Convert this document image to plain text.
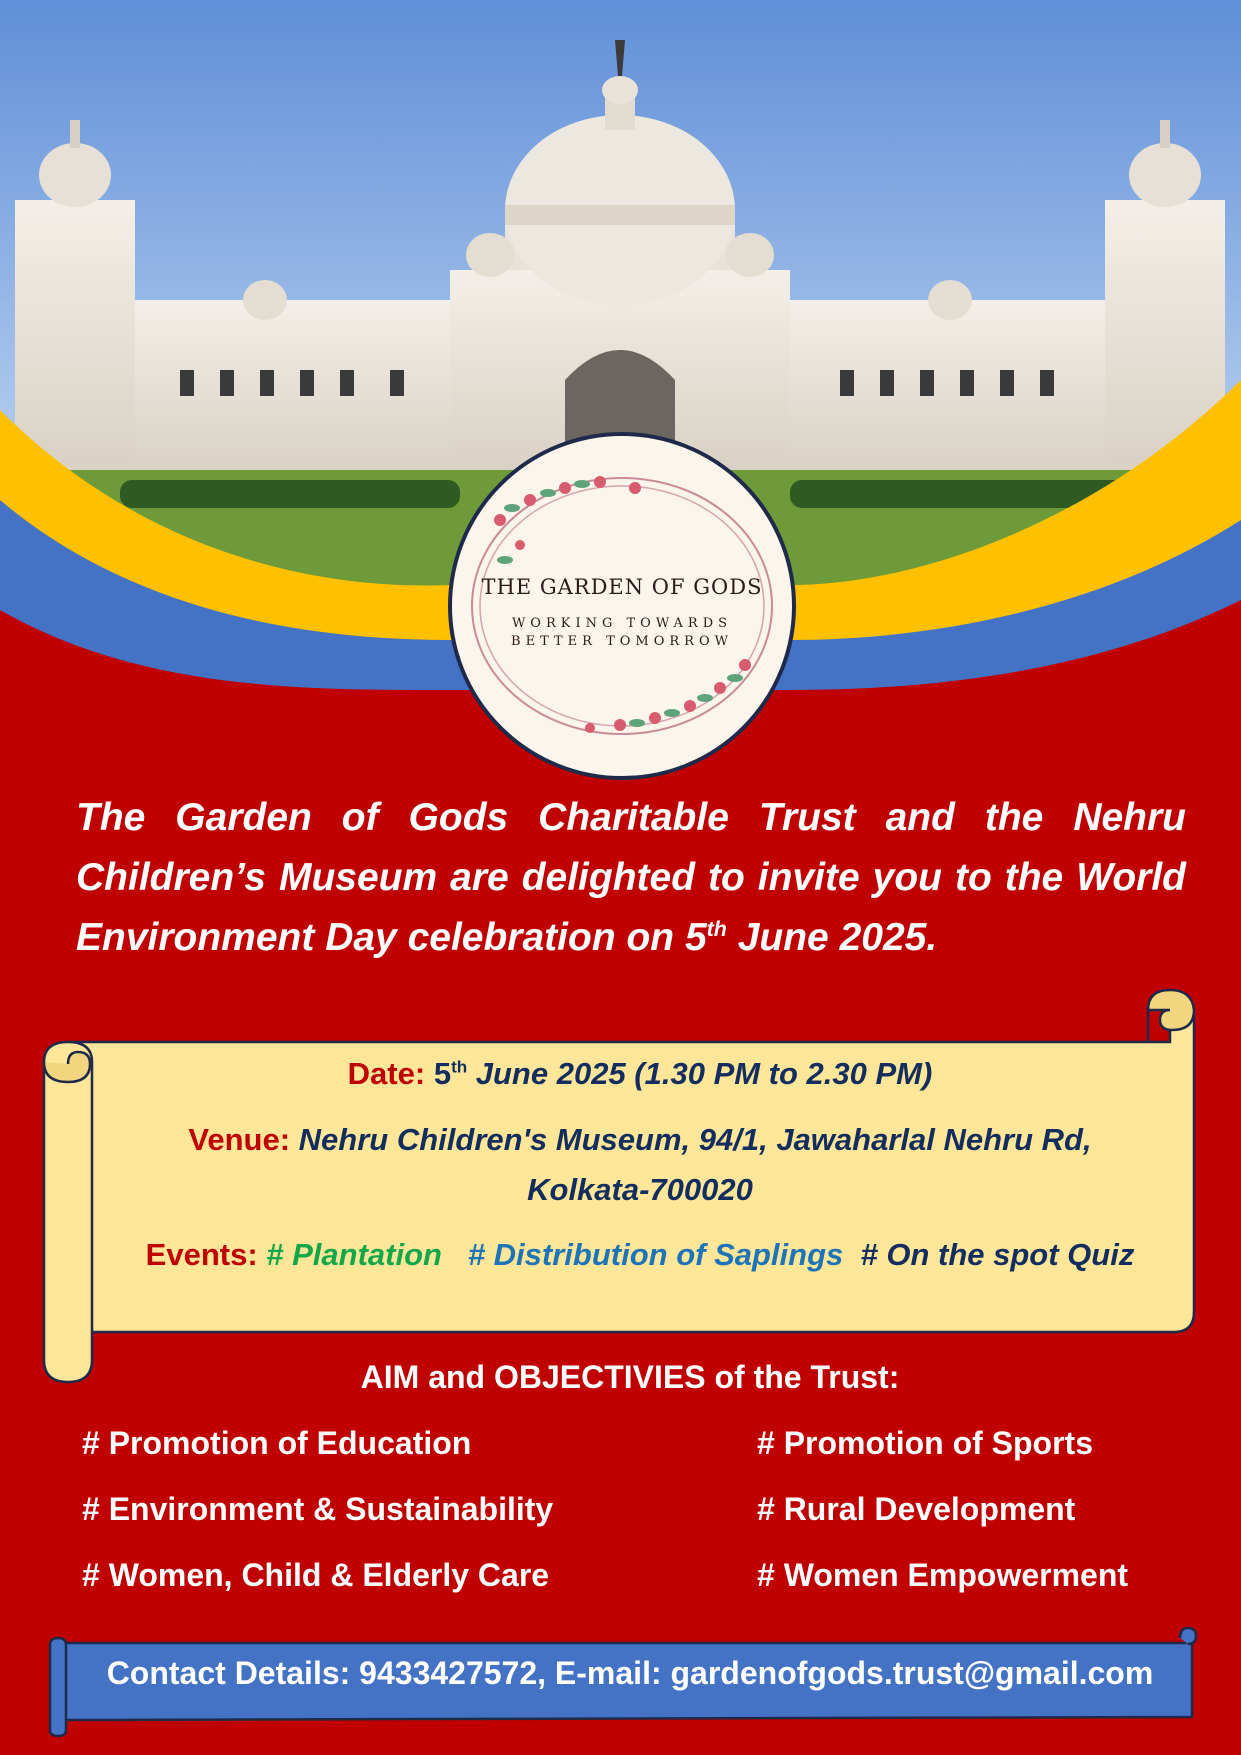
THE GARDEN OF GODS
WORKING TOWARDS
BETTER TOMORROW
The Garden of Gods Charitable Trust and the Nehru
Children’s Museum are delighted to invite you to the World
Environment Day celebration on 5th June 2025.
Date: 5th June 2025 (1.30 PM to 2.30 PM)
Venue: Nehru Children's Museum, 94/1, Jawaharlal Nehru Rd,
Kolkata-700020
Events: # Plantation # Distribution of Saplings # On the spot Quiz
AIM and OBJECTIVIES of the Trust:
# Promotion of Education
# Environment & Sustainability
# Women, Child & Elderly Care
# Promotion of Sports
# Rural Development
# Women Empowerment
Contact Details: 9433427572, E-mail: gardenofgods.trust@gmail.com
